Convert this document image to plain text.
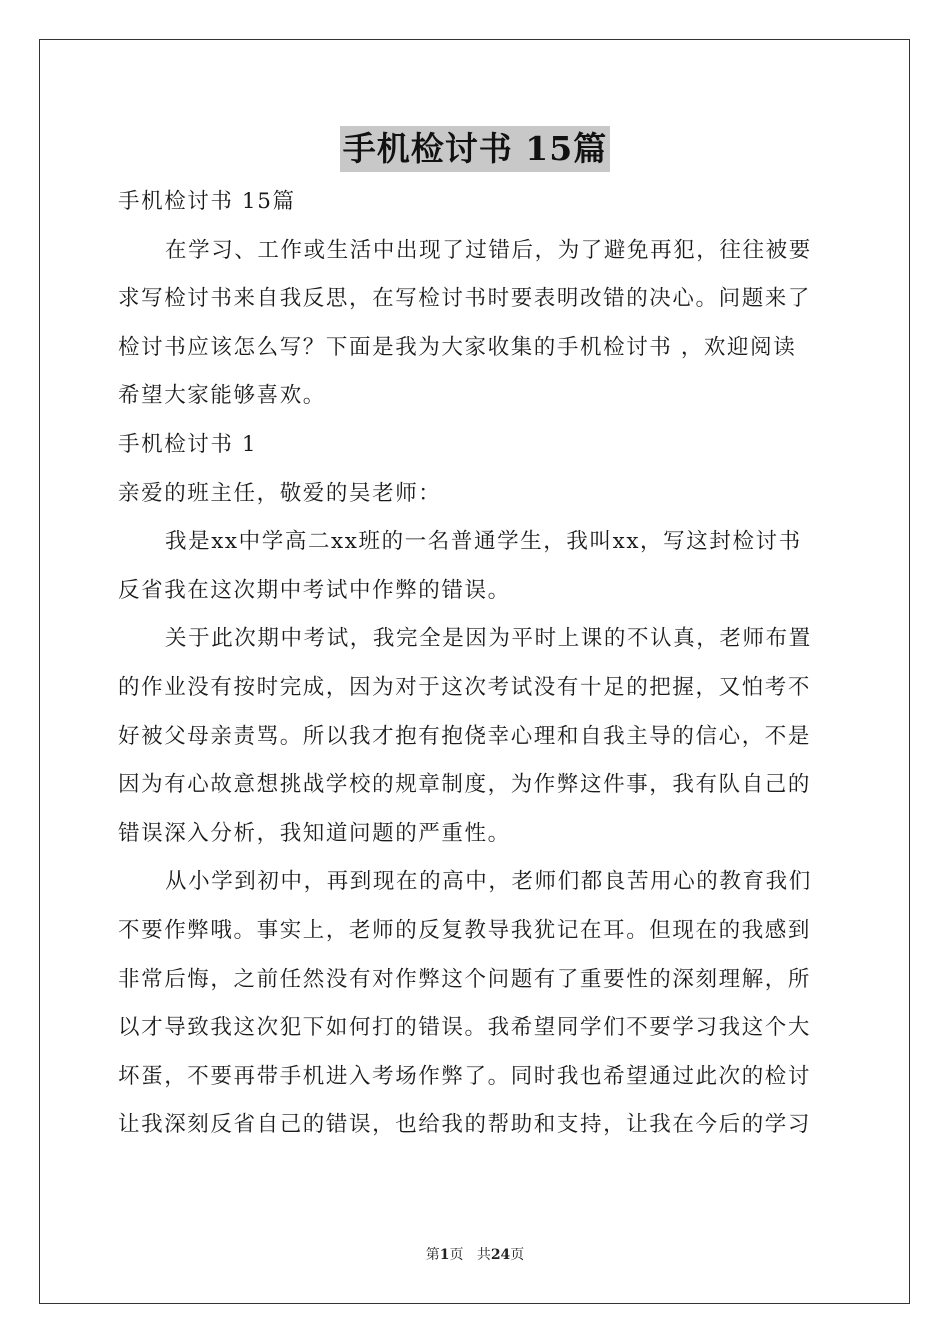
手机检讨书 15篇
手机检讨书 15篇
在学习、工作或生活中出现了过错后，为了避免再犯，往往被要
求写检讨书来自我反思，在写检讨书时要表明改错的决心。问题来了
检讨书应该怎么写？下面是我为大家收集的手机检讨书 ，欢迎阅读
希望大家能够喜欢。
手机检讨书 1
亲爱的班主任，敬爱的吴老师：
我是xx中学高二xx班的一名普通学生，我叫xx，写这封检讨书
反省我在这次期中考试中作弊的错误。
关于此次期中考试，我完全是因为平时上课的不认真，老师布置
的作业没有按时完成，因为对于这次考试没有十足的把握，又怕考不
好被父母亲责骂。所以我才抱有抱侥幸心理和自我主导的信心，不是
因为有心故意想挑战学校的规章制度，为作弊这件事，我有队自己的
错误深入分析，我知道问题的严重性。
从小学到初中，再到现在的高中，老师们都良苦用心的教育我们
不要作弊哦。事实上，老师的反复教导我犹记在耳。但现在的我感到
非常后悔，之前任然没有对作弊这个问题有了重要性的深刻理解，所
以才导致我这次犯下如何打的错误。我希望同学们不要学习我这个大
坏蛋，不要再带手机进入考场作弊了。同时我也希望通过此次的检讨
让我深刻反省自己的错误，也给我的帮助和支持，让我在今后的学习
第1页 共24页
